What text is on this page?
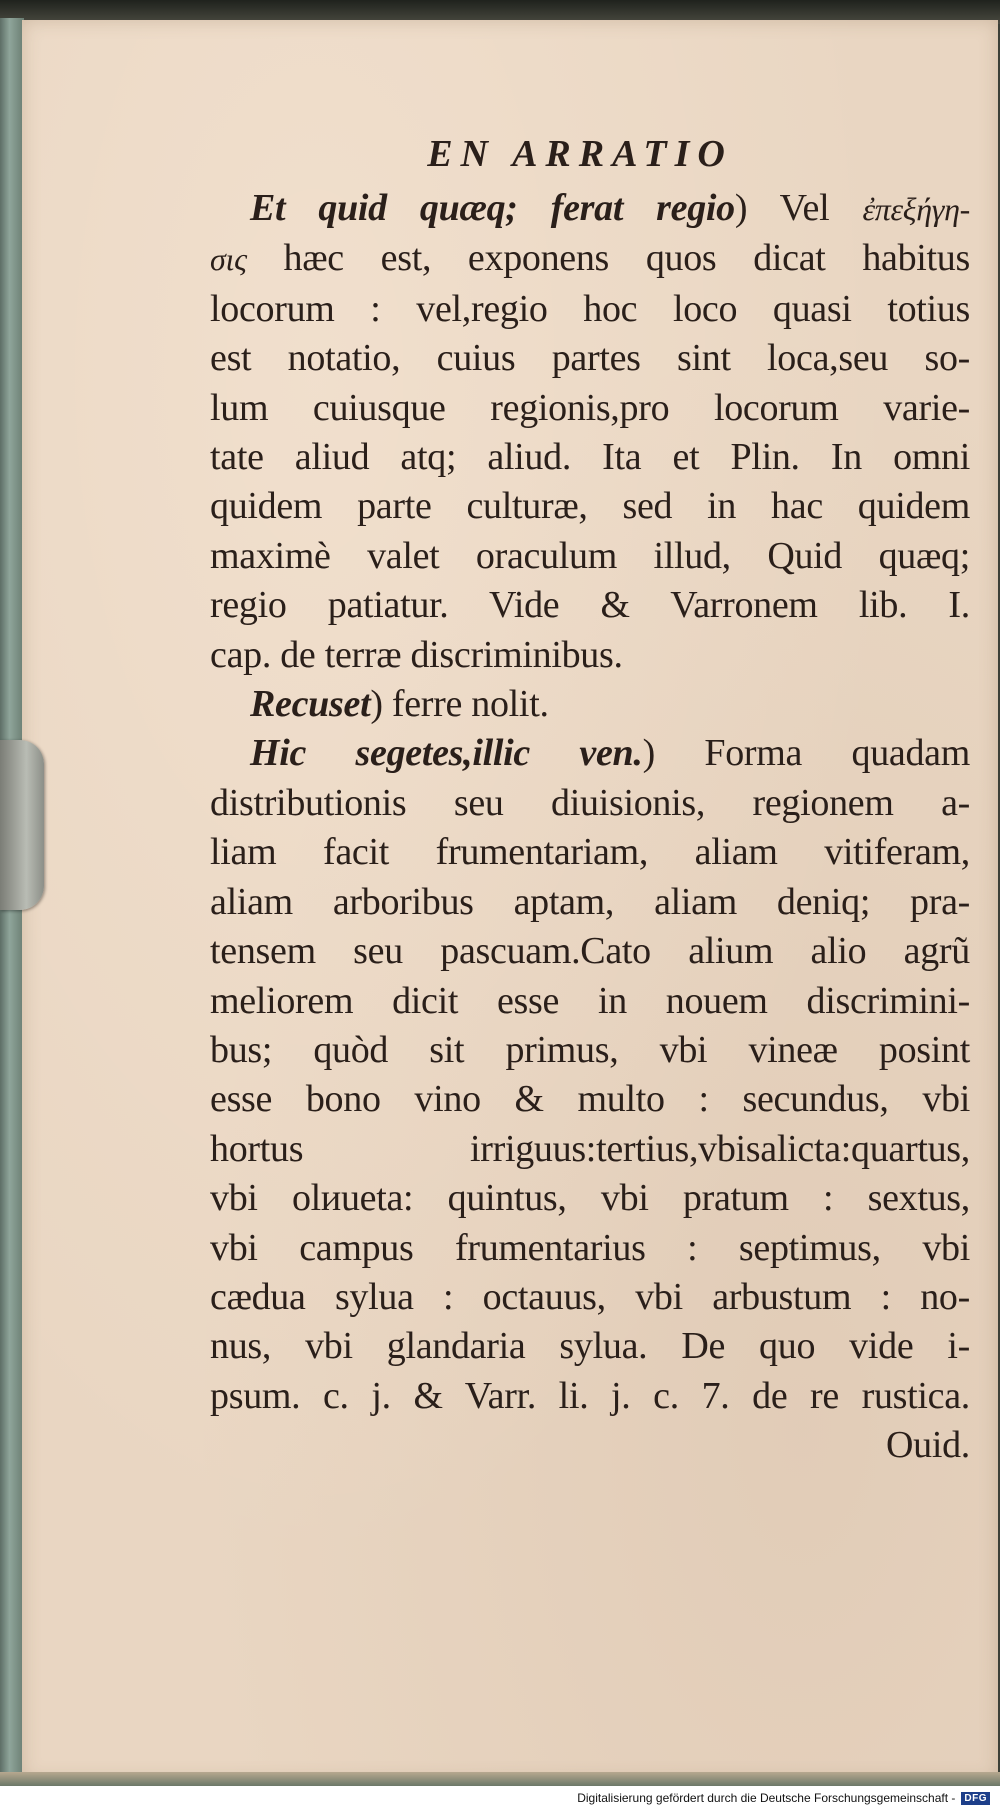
EN ARRATIO
Et quid quæq; ferat regio) Vel ἐπεξήγη-
σις hæc est, exponens quos dicat habitus
locorum : vel,regio hoc loco quasi totius
est notatio, cuius partes sint loca,seu so-
lum cuiusque regionis,pro locorum varie-
tate aliud atq; aliud. Ita et Plin. In omni
quidem parte culturæ, sed in hac quidem
maximè valet oraculum illud, Quid quæq;
regio patiatur. Vide & Varronem lib. I.
cap. de terræ discriminibus.
Recuset) ferre nolit.
Hic segetes,illic ven.) Forma quadam
distributionis seu diuisionis, regionem a-
liam facit frumentariam, aliam vitiferam,
aliam arboribus aptam, aliam deniq; pra-
tensem seu pascuam.Cato alium alio agrũ
meliorem dicit esse in nouem discrimini-
bus; quòd sit primus, vbi vineæ posint
esse bono vino & multo : secundus, vbi
hortus irriguus:tertius,vbisalicta:quartus,
vbi olиueta: quintus, vbi pratum : sextus,
vbi campus frumentarius : septimus, vbi
cædua sylua : octauus, vbi arbustum : no-
nus, vbi glandaria sylua. De quo vide i-
psum. c. j. & Varr. li. j. c. 7. de re rustica.
Ouid.
Digitalisierung gefördert durch die Deutsche Forschungsgemeinschaft - DFG
